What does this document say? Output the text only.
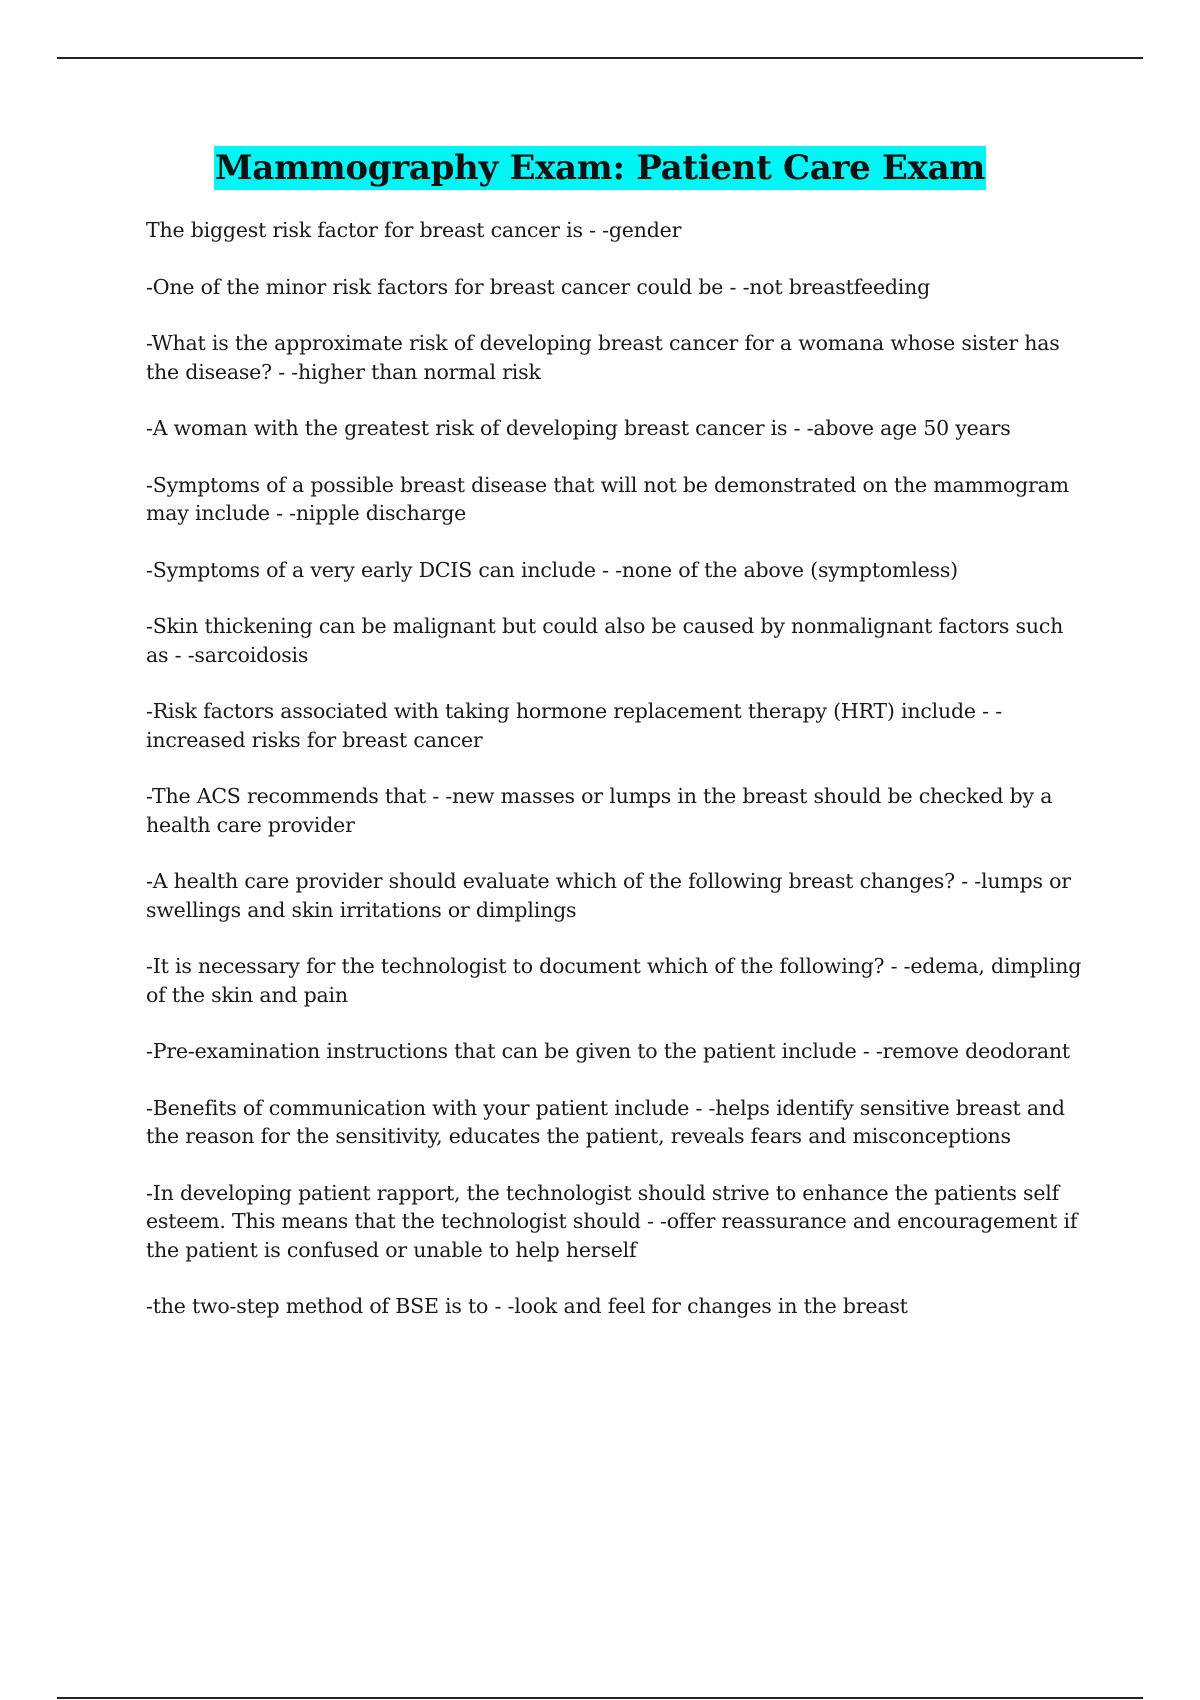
Mammography Exam: Patient Care Exam
The biggest risk factor for breast cancer is - -gender
-One of the minor risk factors for breast cancer could be - -not breastfeeding
-What is the approximate risk of developing breast cancer for a womana whose sister has the disease? - -higher than normal risk
-A woman with the greatest risk of developing breast cancer is - -above age 50 years
-Symptoms of a possible breast disease that will not be demonstrated on the mammogram may include - -nipple discharge
-Symptoms of a very early DCIS can include - -none of the above (symptomless)
-Skin thickening can be malignant but could also be caused by nonmalignant factors such as - -sarcoidosis
-Risk factors associated with taking hormone replacement therapy (HRT) include - -increased risks for breast cancer
-The ACS recommends that - -new masses or lumps in the breast should be checked by a health care provider
-A health care provider should evaluate which of the following breast changes? - -lumps or swellings and skin irritations or dimplings
-It is necessary for the technologist to document which of the following? - -edema, dimpling of the skin and pain
-Pre-examination instructions that can be given to the patient include - -remove deodorant
-Benefits of communication with your patient include - -helps identify sensitive breast and the reason for the sensitivity, educates the patient, reveals fears and misconceptions
-In developing patient rapport, the technologist should strive to enhance the patients self esteem. This means that the technologist should - -offer reassurance and encouragement if the patient is confused or unable to help herself
-the two-step method of BSE is to - -look and feel for changes in the breast
